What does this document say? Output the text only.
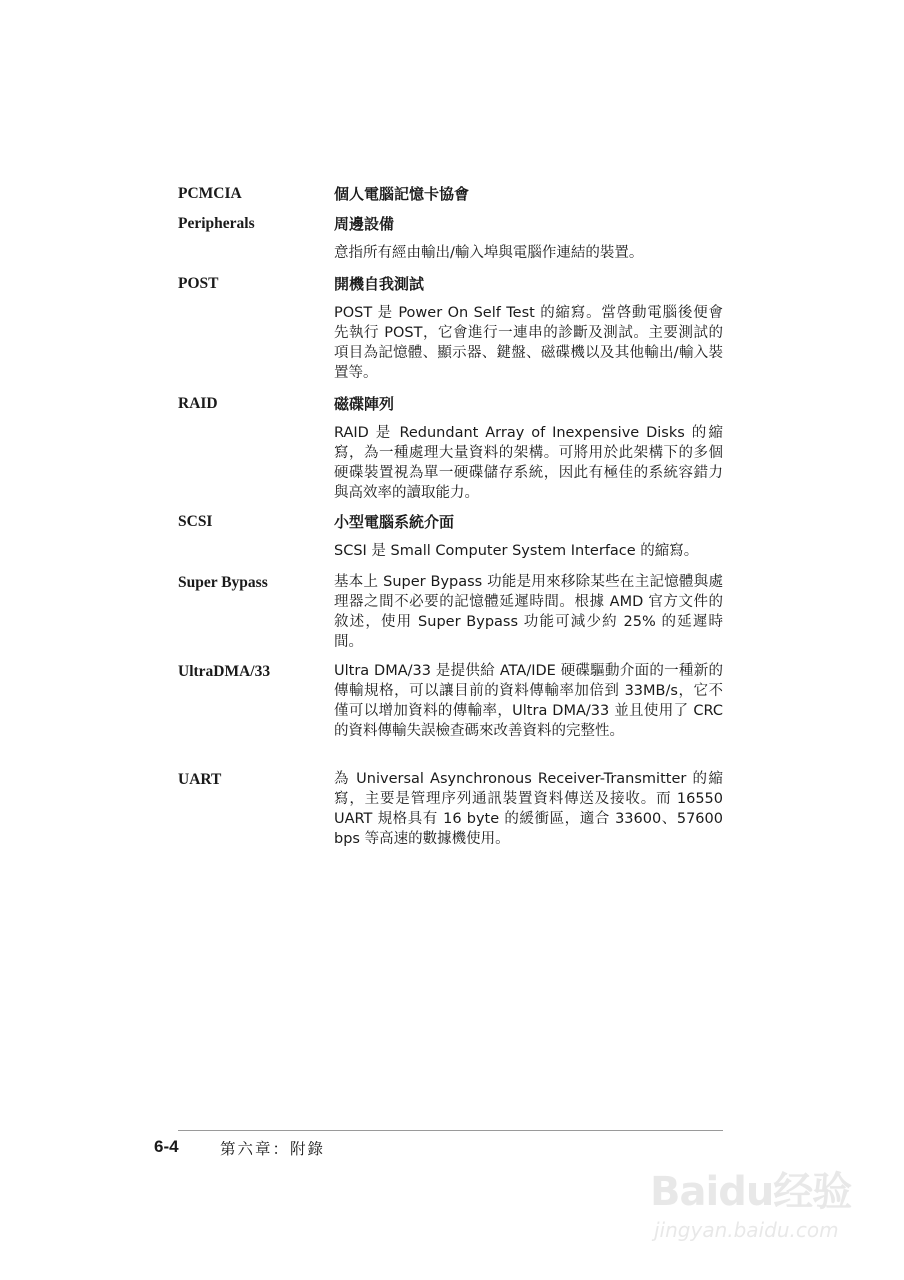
PCMCIA	個人電腦記憶卡協會

Peripherals	周邊設備

意指所有經由輸出/輸入埠與電腦作連結的裝置。

POST	開機自我測試

POST 是 Power On Self Test 的縮寫。當啓動電腦後便會先執行 POST，它會進行一連串的診斷及測試。主要測試的項目為記憶體、顯示器、鍵盤、磁碟機以及其他輸出/輸入裝置等。

RAID	磁碟陣列

RAID 是 Redundant Array of Inexpensive Disks 的縮寫，為一種處理大量資料的架構。可將用於此架構下的多個硬碟裝置視為單一硬碟儲存系統，因此有極佳的系統容錯力與高效率的讀取能力。

SCSI	小型電腦系統介面

SCSI 是 Small Computer System Interface 的縮寫。

Super Bypass	基本上 Super Bypass 功能是用來移除某些在主記憶體與處理器之間不必要的記憶體延遲時間。根據 AMD 官方文件的敘述，使用 Super Bypass 功能可減少約 25% 的延遲時間。

UltraDMA/33	Ultra DMA/33 是提供給 ATA/IDE 硬碟驅動介面的一種新的傳輸規格，可以讓目前的資料傳輸率加倍到 33MB/s，它不僅可以增加資料的傳輸率，Ultra DMA/33 並且使用了 CRC 的資料傳輸失誤檢查碼來改善資料的完整性。

UART	為 Universal Asynchronous Receiver-Transmitter 的縮寫，主要是管理序列通訊裝置資料傳送及接收。而 16550 UART 規格具有 16 byte 的緩衝區，適合 33600、57600 bps 等高速的數據機使用。

6-4	第六章：附錄
Baidu经验
jingyan.baidu.com
